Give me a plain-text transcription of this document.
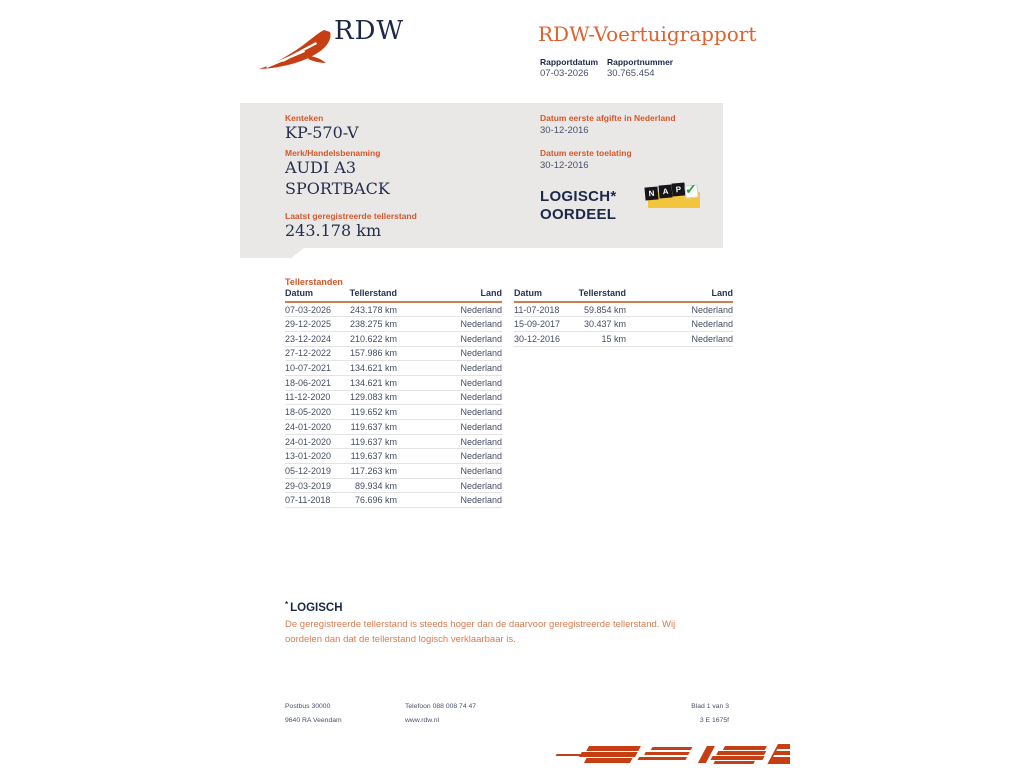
RDW	RDW-Voertuigrapport
Rapportdatum
07-03-2026
Rapportnummer
30.765.454
Kenteken
KP-570-V
Merk/Handelsbenaming
AUDI A3
SPORTBACK
Laatst geregistreerde tellerstand
243.178 km
Datum eerste afgifte in Nederland
30-12-2016
Datum eerste toelating
30-12-2016
LOGISCH*
OORDEEL
N A P ✓
Tellerstanden
Datum	Tellerstand	Land
07-03-2026	243.178 km	Nederland
29-12-2025	238.275 km	Nederland
23-12-2024	210.622 km	Nederland
27-12-2022	157.986 km	Nederland
10-07-2021	134.621 km	Nederland
18-06-2021	134.621 km	Nederland
11-12-2020	129.083 km	Nederland
18-05-2020	119.652 km	Nederland
24-01-2020	119.637 km	Nederland
24-01-2020	119.637 km	Nederland
13-01-2020	119.637 km	Nederland
05-12-2019	117.263 km	Nederland
29-03-2019	89.934 km	Nederland
07-11-2018	76.696 km	Nederland
Datum	Tellerstand	Land
11-07-2018	59.854 km	Nederland
15-09-2017	30.437 km	Nederland
30-12-2016	15 km	Nederland
* LOGISCH
De geregistreerde tellerstand is steeds hoger dan de daarvoor geregistreerde tellerstand. Wij oordelen dan dat de tellerstand logisch verklaarbaar is.
Postbus 30000
9640 RA Veendam
Telefoon 088 008 74 47
www.rdw.nl
Blad 1 van 3
3 E 1675f
